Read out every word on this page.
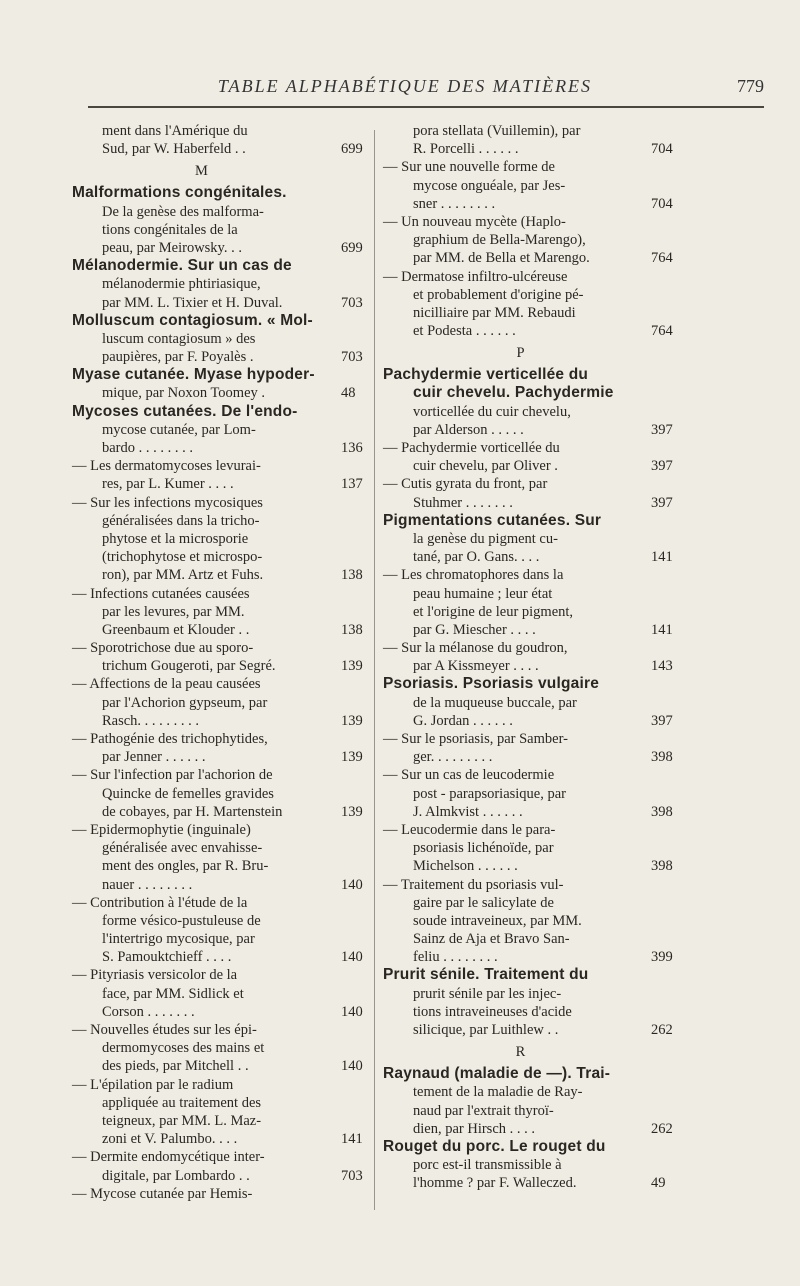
TABLE ALPHABÉTIQUE DES MATIÈRES	779
ment dans l'Amérique du
Sud, par W. Haberfeld . .	699
M
Malformations congénitales.
De la genèse des malforma-
tions congénitales de la
peau, par Meirowsky. . .	699
Mélanodermie. Sur un cas de
mélanodermie phtiriasique,
par MM. L. Tixier et H. Duval.	703
Molluscum contagiosum. « Mol-
luscum contagiosum » des
paupières, par F. Poyalès .	703
Myase cutanée. Myase hypoder-
mique, par Noxon Toomey .	48
Mycoses cutanées. De l'endo-
mycose cutanée, par Lom-
bardo . . . . . . . .	136
— Les dermatomycoses levurai-
res, par L. Kumer . . . .	137
— Sur les infections mycosiques
généralisées dans la tricho-
phytose et la microsporie
(trichophytose et microspo-
ron), par MM. Artz et Fuhs.	138
— Infections cutanées causées
par les levures, par MM.
Greenbaum et Klouder . .	138
— Sporotrichose due au sporo-
trichum Gougeroti, par Segré.	139
— Affections de la peau causées
par l'Achorion gypseum, par
Rasch. . . . . . . . .	139
— Pathogénie des trichophytides,
par Jenner . . . . . .	139
— Sur l'infection par l'achorion de
Quincke de femelles gravides
de cobayes, par H. Martenstein	139
— Epidermophytie (inguinale)
généralisée avec envahisse-
ment des ongles, par R. Bru-
nauer . . . . . . . .	140
— Contribution à l'étude de la
forme vésico-pustuleuse de
l'intertrigo mycosique, par
S. Pamouktchieff . . . .	140
— Pityriasis versicolor de la
face, par MM. Sidlick et
Corson . . . . . . .	140
— Nouvelles études sur les épi-
dermomycoses des mains et
des pieds, par Mitchell . .	140
— L'épilation par le radium
appliquée au traitement des
teigneux, par MM. L. Maz-
zoni et V. Palumbo. . . .	141
— Dermite endomycétique inter-
digitale, par Lombardo . .	703
— Mycose cutanée par Hemis-
pora stellata (Vuillemin), par
R. Porcelli . . . . . .	704
— Sur une nouvelle forme de
mycose onguéale, par Jes-
sner . . . . . . . .	704
— Un nouveau mycète (Haplo-
graphium de Bella-Marengo),
par MM. de Bella et Marengo.	764
— Dermatose infiltro-ulcéreuse
et probablement d'origine pé-
nicilliaire par MM. Rebaudi
et Podesta . . . . . .	764
P
Pachydermie verticellée du
cuir chevelu. Pachydermie
vorticellée du cuir chevelu,
par Alderson . . . . .	397
— Pachydermie vorticellée du
cuir chevelu, par Oliver .	397
— Cutis gyrata du front, par
Stuhmer . . . . . . .	397
Pigmentations cutanées. Sur
la genèse du pigment cu-
tané, par O. Gans. . . .	141
— Les chromatophores dans la
peau humaine ; leur état
et l'origine de leur pigment,
par G. Miescher . . . .	141
— Sur la mélanose du goudron,
par A Kissmeyer . . . .	143
Psoriasis. Psoriasis vulgaire
de la muqueuse buccale, par
G. Jordan . . . . . .	397
— Sur le psoriasis, par Samber-
ger. . . . . . . . .	398
— Sur un cas de leucodermie
post - parapsoriasique, par
J. Almkvist . . . . . .	398
— Leucodermie dans le para-
psoriasis lichénoïde, par
Michelson . . . . . .	398
— Traitement du psoriasis vul-
gaire par le salicylate de
soude intraveineux, par MM.
Sainz de Aja et Bravo San-
feliu . . . . . . . .	399
Prurit sénile. Traitement du
prurit sénile par les injec-
tions intraveineuses d'acide
silicique, par Luithlew . .	262
R
Raynaud (maladie de —). Trai-
tement de la maladie de Ray-
naud par l'extrait thyroï-
dien, par Hirsch . . . .	262
Rouget du porc. Le rouget du
porc est-il transmissible à
l'homme ? par F. Walleczed.	49
